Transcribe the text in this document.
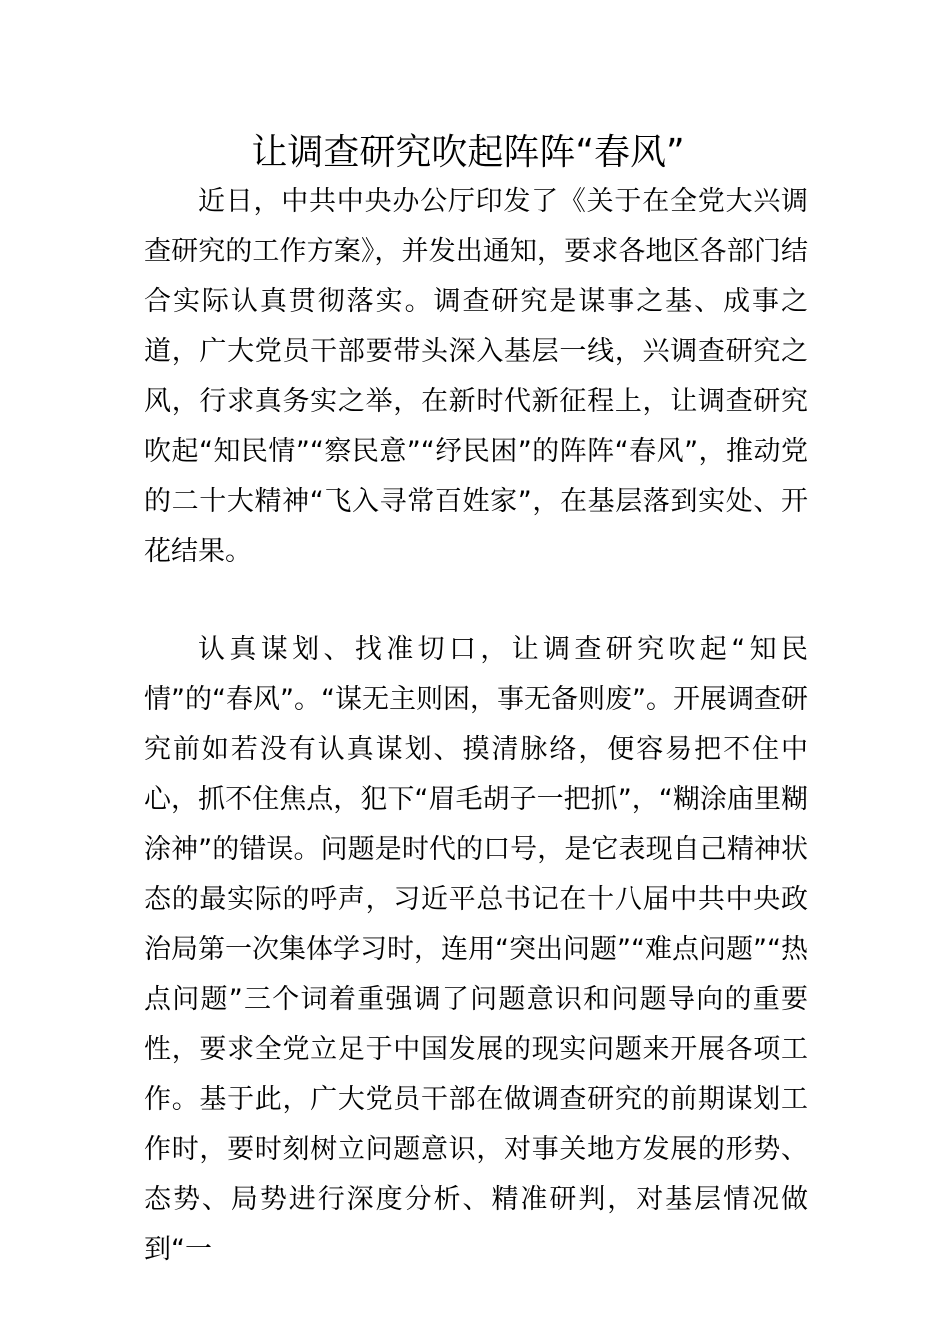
让调查研究吹起阵阵“春风”

近日，中共中央办公厅印发了《关于在全党大兴调查研究的工作方案》，并发出通知，要求各地区各部门结合实际认真贯彻落实。调查研究是谋事之基、成事之道，广大党员干部要带头深入基层一线，兴调查研究之风，行求真务实之举，在新时代新征程上，让调查研究吹起“知民情”“察民意”“纾民困”的阵阵“春风”，推动党的二十大精神“飞入寻常百姓家”，在基层落到实处、开花结果。

认真谋划、找准切口，让调查研究吹起“知民情”的“春风”。“谋无主则困，事无备则废”。开展调查研究前如若没有认真谋划、摸清脉络，便容易把不住中心，抓不住焦点，犯下“眉毛胡子一把抓”，“糊涂庙里糊涂神”的错误。问题是时代的口号，是它表现自己精神状态的最实际的呼声，习近平总书记在十八届中共中央政治局第一次集体学习时，连用“突出问题”“难点问题”“热点问题”三个词着重强调了问题意识和问题导向的重要性，要求全党立足于中国发展的现实问题来开展各项工作。基于此，广大党员干部在做调查研究的前期谋划工作时，要时刻树立问题意识，对事关地方发展的形势、态势、局势进行深度分析、精准研判，对基层情况做到“一
